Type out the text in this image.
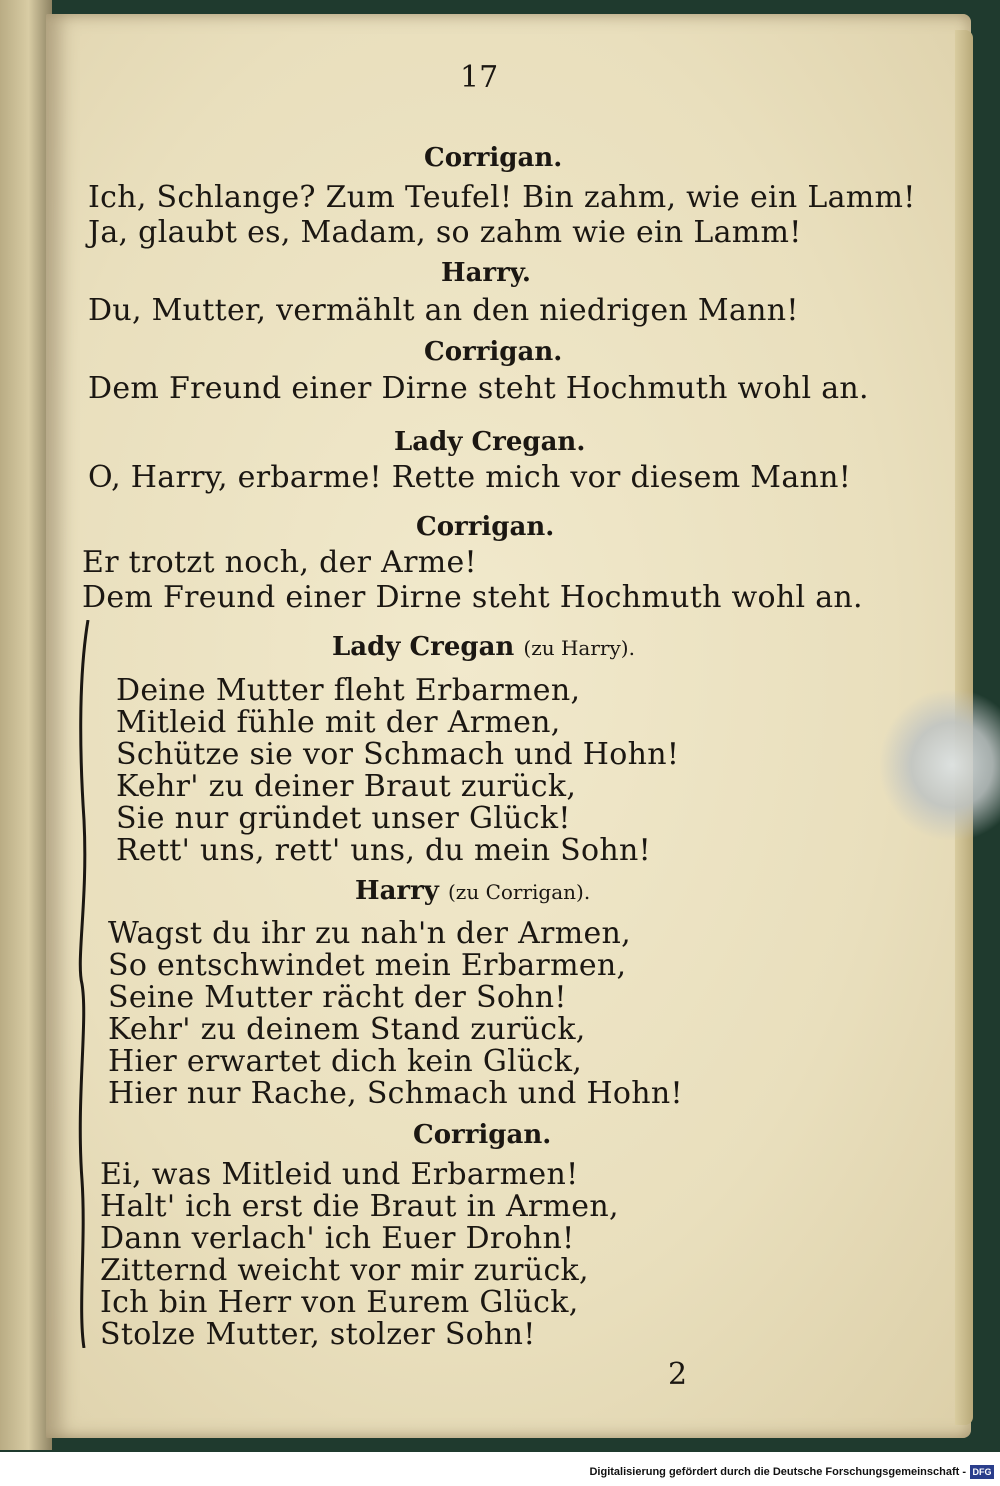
17
Corrigan.
Ich, Schlange? Zum Teufel! Bin zahm, wie ein Lamm!
Ja, glaubt es, Madam, so zahm wie ein Lamm!
Harry.
Du, Mutter, vermählt an den niedrigen Mann!
Corrigan.
Dem Freund einer Dirne steht Hochmuth wohl an.
Lady Cregan.
O, Harry, erbarme! Rette mich vor diesem Mann!
Corrigan.
Er trotzt noch, der Arme!
Dem Freund einer Dirne steht Hochmuth wohl an.
Lady Cregan (zu Harry).
Deine Mutter fleht Erbarmen,
Mitleid fühle mit der Armen,
Schütze sie vor Schmach und Hohn!
Kehr' zu deiner Braut zurück,
Sie nur gründet unser Glück!
Rett' uns, rett' uns, du mein Sohn!
Harry (zu Corrigan).
Wagst du ihr zu nah'n der Armen,
So entschwindet mein Erbarmen,
Seine Mutter rächt der Sohn!
Kehr' zu deinem Stand zurück,
Hier erwartet dich kein Glück,
Hier nur Rache, Schmach und Hohn!
Corrigan.
Ei, was Mitleid und Erbarmen!
Halt' ich erst die Braut in Armen,
Dann verlach' ich Euer Drohn!
Zitternd weicht vor mir zurück,
Ich bin Herr von Eurem Glück,
Stolze Mutter, stolzer Sohn!
2
Digitalisierung gefördert durch die Deutsche Forschungsgemeinschaft - DFG
